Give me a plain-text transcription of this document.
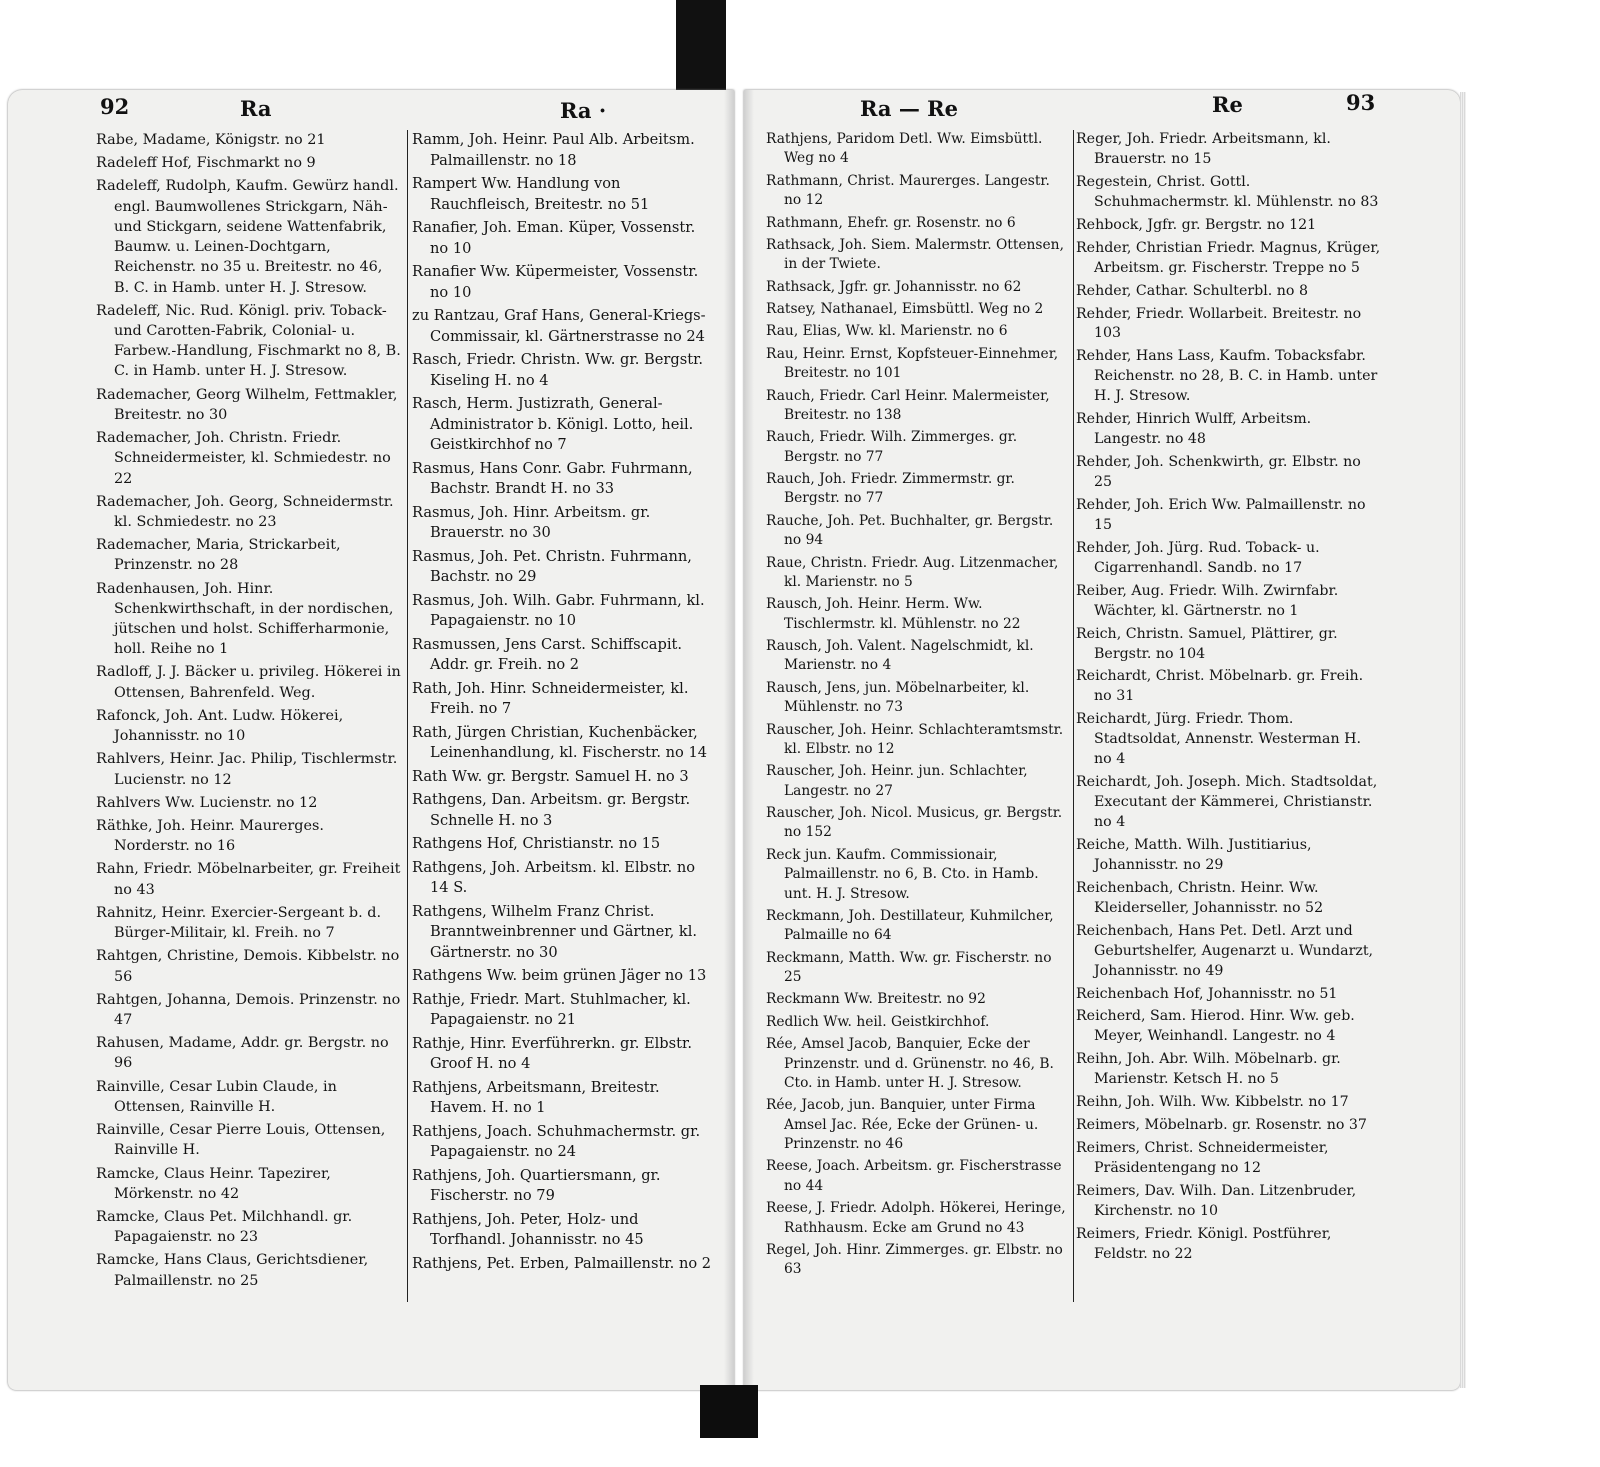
92	Ra	Ra ·	Ra — Re	Re	93
Rabe, Madame, Königstr. no 21
Radeleff Hof, Fischmarkt no 9
Radeleff, Rudolph, Kaufm. Gewürz handl. engl. Baumwollenes Strickgarn, Näh- und Stickgarn, seidene Wattenfabrik, Baumw. u. Leinen-Dochtgarn, Reichenstr. no 35 u. Breitestr. no 46, B. C. in Hamb. unter H. J. Stresow.
Radeleff, Nic. Rud. Königl. priv. Toback- und Carotten-Fabrik, Colonial- u. Farbew.-Handlung, Fischmarkt no 8, B. C. in Hamb. unter H. J. Stresow.
Rademacher, Georg Wilhelm, Fettmakler, Breitestr. no 30
Rademacher, Joh. Christn. Friedr. Schneidermeister, kl. Schmiedestr. no 22
Rademacher, Joh. Georg, Schneidermstr. kl. Schmiedestr. no 23
Rademacher, Maria, Strickarbeit, Prinzenstr. no 28
Radenhausen, Joh. Hinr. Schenkwirthschaft, in der nordischen, jütschen und holst. Schifferharmonie, holl. Reihe no 1
Radloff, J. J. Bäcker u. privileg. Hökerei in Ottensen, Bahrenfeld. Weg.
Rafonck, Joh. Ant. Ludw. Hökerei, Johannisstr. no 10
Rahlvers, Heinr. Jac. Philip, Tischlermstr. Lucienstr. no 12
Rahlvers Ww. Lucienstr. no 12
Räthke, Joh. Heinr. Maurerges. Norderstr. no 16
Rahn, Friedr. Möbelnarbeiter, gr. Freiheit no 43
Rahnitz, Heinr. Exercier-Sergeant b. d. Bürger-Militair, kl. Freih. no 7
Rahtgen, Christine, Demois. Kibbelstr. no 56
Rahtgen, Johanna, Demois. Prinzenstr. no 47
Rahusen, Madame, Addr. gr. Bergstr. no 96
Rainville, Cesar Lubin Claude, in Ottensen, Rainville H.
Rainville, Cesar Pierre Louis, Ottensen, Rainville H.
Ramcke, Claus Heinr. Tapezirer, Mörkenstr. no 42
Ramcke, Claus Pet. Milchhandl. gr. Papagaienstr. no 23
Ramcke, Hans Claus, Gerichtsdiener, Palmaillenstr. no 25
Ramm, Joh. Heinr. Paul Alb. Arbeitsm. Palmaillenstr. no 18
Rampert Ww. Handlung von Rauchfleisch, Breitestr. no 51
Ranafier, Joh. Eman. Küper, Vossenstr. no 10
Ranafier Ww. Küpermeister, Vossenstr. no 10
zu Rantzau, Graf Hans, General-Kriegs-Commissair, kl. Gärtnerstrasse no 24
Rasch, Friedr. Christn. Ww. gr. Bergstr. Kiseling H. no 4
Rasch, Herm. Justizrath, General-Administrator b. Königl. Lotto, heil. Geistkirchhof no 7
Rasmus, Hans Conr. Gabr. Fuhrmann, Bachstr. Brandt H. no 33
Rasmus, Joh. Hinr. Arbeitsm. gr. Brauerstr. no 30
Rasmus, Joh. Pet. Christn. Fuhrmann, Bachstr. no 29
Rasmus, Joh. Wilh. Gabr. Fuhrmann, kl. Papagaienstr. no 10
Rasmussen, Jens Carst. Schiffscapit. Addr. gr. Freih. no 2
Rath, Joh. Hinr. Schneidermeister, kl. Freih. no 7
Rath, Jürgen Christian, Kuchenbäcker, Leinenhandlung, kl. Fischerstr. no 14
Rath Ww. gr. Bergstr. Samuel H. no 3
Rathgens, Dan. Arbeitsm. gr. Bergstr. Schnelle H. no 3
Rathgens Hof, Christianstr. no 15
Rathgens, Joh. Arbeitsm. kl. Elbstr. no 14 S.
Rathgens, Wilhelm Franz Christ. Branntweinbrenner und Gärtner, kl. Gärtnerstr. no 30
Rathgens Ww. beim grünen Jäger no 13
Rathje, Friedr. Mart. Stuhlmacher, kl. Papagaienstr. no 21
Rathje, Hinr. Everführerkn. gr. Elbstr. Groof H. no 4
Rathjens, Arbeitsmann, Breitestr. Havem. H. no 1
Rathjens, Joach. Schuhmachermstr. gr. Papagaienstr. no 24
Rathjens, Joh. Quartiersmann, gr. Fischerstr. no 79
Rathjens, Joh. Peter, Holz- und Torfhandl. Johannisstr. no 45
Rathjens, Pet. Erben, Palmaillenstr. no 2
Rathjens, Paridom Detl. Ww. Eimsbüttl. Weg no 4
Rathmann, Christ. Maurerges. Langestr. no 12
Rathmann, Ehefr. gr. Rosenstr. no 6
Rathsack, Joh. Siem. Malermstr. Ottensen, in der Twiete.
Rathsack, Jgfr. gr. Johannisstr. no 62
Ratsey, Nathanael, Eimsbüttl. Weg no 2
Rau, Elias, Ww. kl. Marienstr. no 6
Rau, Heinr. Ernst, Kopfsteuer-Einnehmer, Breitestr. no 101
Rauch, Friedr. Carl Heinr. Malermeister, Breitestr. no 138
Rauch, Friedr. Wilh. Zimmerges. gr. Bergstr. no 77
Rauch, Joh. Friedr. Zimmermstr. gr. Bergstr. no 77
Rauche, Joh. Pet. Buchhalter, gr. Bergstr. no 94
Raue, Christn. Friedr. Aug. Litzenmacher, kl. Marienstr. no 5
Rausch, Joh. Heinr. Herm. Ww. Tischlermstr. kl. Mühlenstr. no 22
Rausch, Joh. Valent. Nagelschmidt, kl. Marienstr. no 4
Rausch, Jens, jun. Möbelnarbeiter, kl. Mühlenstr. no 73
Rauscher, Joh. Heinr. Schlachteramtsmstr. kl. Elbstr. no 12
Rauscher, Joh. Heinr. jun. Schlachter, Langestr. no 27
Rauscher, Joh. Nicol. Musicus, gr. Bergstr. no 152
Reck jun. Kaufm. Commissionair, Palmaillenstr. no 6, B. Cto. in Hamb. unt. H. J. Stresow.
Reckmann, Joh. Destillateur, Kuhmilcher, Palmaille no 64
Reckmann, Matth. Ww. gr. Fischerstr. no 25
Reckmann Ww. Breitestr. no 92
Redlich Ww. heil. Geistkirchhof.
Rée, Amsel Jacob, Banquier, Ecke der Prinzenstr. und d. Grünenstr. no 46, B. Cto. in Hamb. unter H. J. Stresow.
Rée, Jacob, jun. Banquier, unter Firma Amsel Jac. Rée, Ecke der Grünen- u. Prinzenstr. no 46
Reese, Joach. Arbeitsm. gr. Fischerstrasse no 44
Reese, J. Friedr. Adolph. Hökerei, Heringe, Rathhausm. Ecke am Grund no 43
Regel, Joh. Hinr. Zimmerges. gr. Elbstr. no 63
Reger, Joh. Friedr. Arbeitsmann, kl. Brauerstr. no 15
Regestein, Christ. Gottl. Schuhmachermstr. kl. Mühlenstr. no 83
Rehbock, Jgfr. gr. Bergstr. no 121
Rehder, Christian Friedr. Magnus, Krüger, Arbeitsm. gr. Fischerstr. Treppe no 5
Rehder, Cathar. Schulterbl. no 8
Rehder, Friedr. Wollarbeit. Breitestr. no 103
Rehder, Hans Lass, Kaufm. Tobacksfabr. Reichenstr. no 28, B. C. in Hamb. unter H. J. Stresow.
Rehder, Hinrich Wulff, Arbeitsm. Langestr. no 48
Rehder, Joh. Schenkwirth, gr. Elbstr. no 25
Rehder, Joh. Erich Ww. Palmaillenstr. no 15
Rehder, Joh. Jürg. Rud. Toback- u. Cigarrenhandl. Sandb. no 17
Reiber, Aug. Friedr. Wilh. Zwirnfabr. Wächter, kl. Gärtnerstr. no 1
Reich, Christn. Samuel, Plättirer, gr. Bergstr. no 104
Reichardt, Christ. Möbelnarb. gr. Freih. no 31
Reichardt, Jürg. Friedr. Thom. Stadtsoldat, Annenstr. Westerman H. no 4
Reichardt, Joh. Joseph. Mich. Stadtsoldat, Executant der Kämmerei, Christianstr. no 4
Reiche, Matth. Wilh. Justitiarius, Johannisstr. no 29
Reichenbach, Christn. Heinr. Ww. Kleiderseller, Johannisstr. no 52
Reichenbach, Hans Pet. Detl. Arzt und Geburtshelfer, Augenarzt u. Wundarzt, Johannisstr. no 49
Reichenbach Hof, Johannisstr. no 51
Reicherd, Sam. Hierod. Hinr. Ww. geb. Meyer, Weinhandl. Langestr. no 4
Reihn, Joh. Abr. Wilh. Möbelnarb. gr. Marienstr. Ketsch H. no 5
Reihn, Joh. Wilh. Ww. Kibbelstr. no 17
Reimers, Möbelnarb. gr. Rosenstr. no 37
Reimers, Christ. Schneidermeister, Präsidentengang no 12
Reimers, Dav. Wilh. Dan. Litzenbruder, Kirchenstr. no 10
Reimers, Friedr. Königl. Postführer, Feldstr. no 22
